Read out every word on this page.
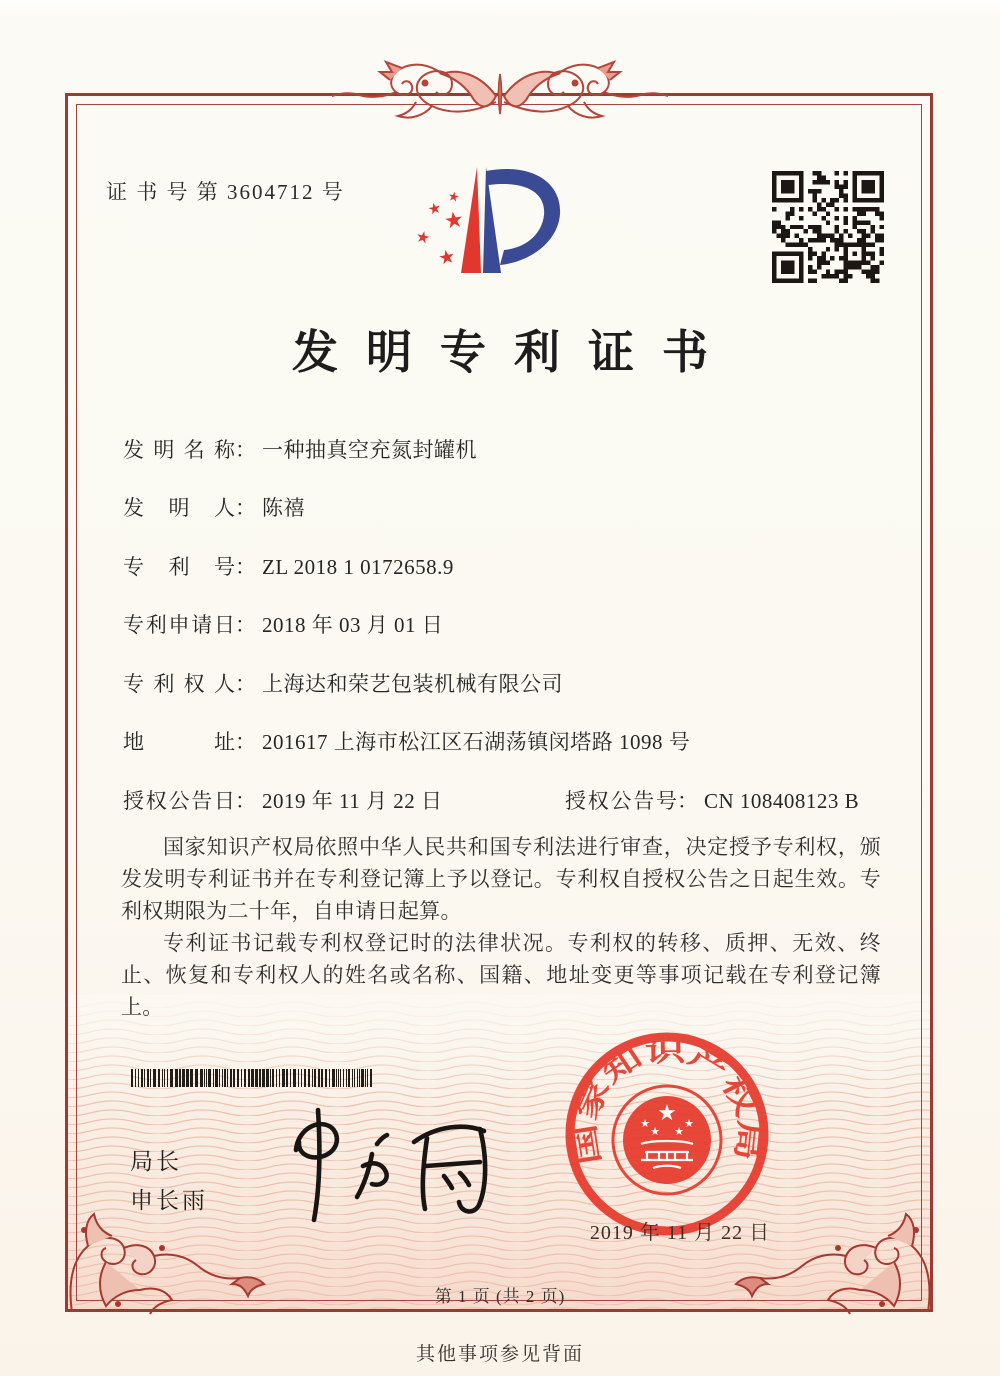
证 书 号 第 3604712 号
★
★
★
★
★
发明专利证书
发明名称： 一种抽真空充氮封罐机
发明人： 陈禧
专利号： ZL 2018 1 0172658.9
专利申请日： 2018 年 03 月 01 日
专利权人： 上海达和荣艺包装机械有限公司
地址： 201617 上海市松江区石湖荡镇闵塔路 1098 号
授权公告日： 2019 年 11 月 22 日	授权公告号： CN 108408123 B

国家知识产权局依照中华人民共和国专利法进行审查，决定授予专利权，颁发发明专利证书并在专利登记簿上予以登记。专利权自授权公告之日起生效。专利权期限为二十年，自申请日起算。

专利证书记载专利权登记时的法律状况。专利权的转移、质押、无效、终止、恢复和专利权人的姓名或名称、国籍、地址变更等事项记载在专利登记簿上。

局长
申长雨
国家知识产权局
★
★
★ ★
★
2019 年 11 月 22 日
第 1 页 (共 2 页)
其他事项参见背面
